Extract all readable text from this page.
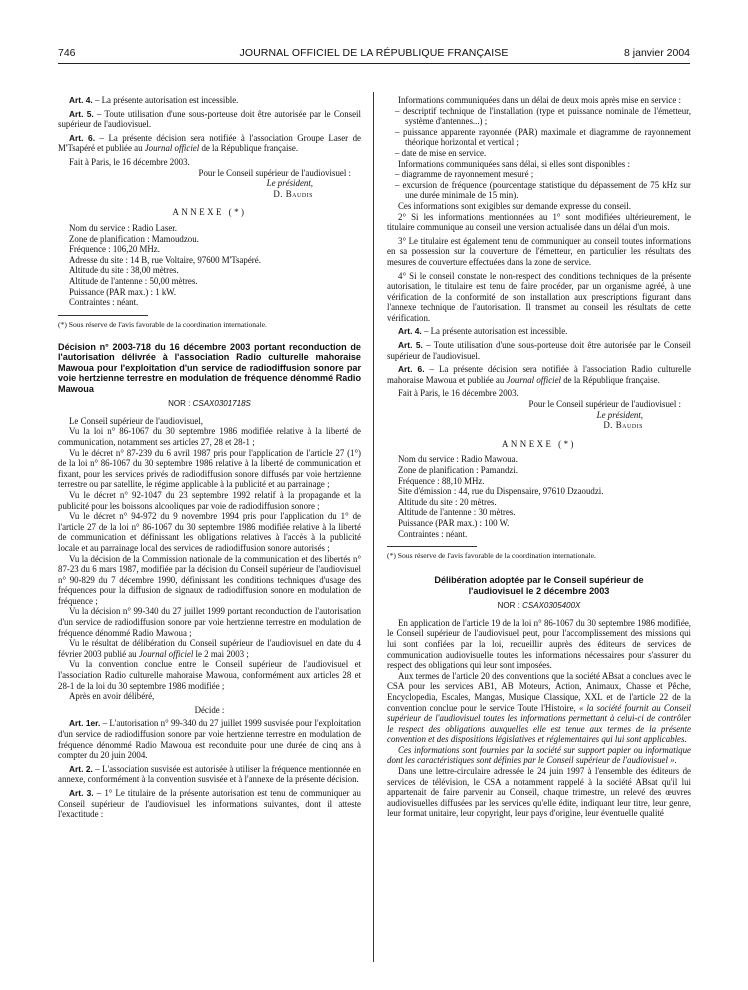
746	JOURNAL OFFICIEL DE LA RÉPUBLIQUE FRANÇAISE	8 janvier 2004

Art. 4. – La présente autorisation est incessible.

Art. 5. – Toute utilisation d'une sous-porteuse doit être autorisée par le Conseil supérieur de l'audiovisuel.

Art. 6. – La présente décision sera notifiée à l'association Groupe Laser de M'Tsapéré et publiée au Journal officiel de la République française.

Fait à Paris, le 16 décembre 2003.

Pour le Conseil supérieur de l'audiovisuel :

Le président,

D. Baudis

ANNEXE (*)

Nom du service : Radio Laser.

Zone de planification : Mamoudzou.

Fréquence : 106,20 MHz.

Adresse du site : 14 B, rue Voltaire, 97600 M'Tsapéré.

Altitude du site : 38,00 mètres.

Altitude de l'antenne : 50,00 mètres.

Puissance (PAR max.) : 1 kW.

Contraintes : néant.

(*) Sous réserve de l'avis favorable de la coordination internationale.

Décision n° 2003-718 du 16 décembre 2003 portant reconduction de l'autorisation délivrée à l'association Radio culturelle mahoraise Mawoua pour l'exploitation d'un service de radiodiffusion sonore par voie hertzienne terrestre en modulation de fréquence dénommé Radio Mawoua

NOR : CSAX0301718S

Le Conseil supérieur de l'audiovisuel,

Vu la loi n° 86-1067 du 30 septembre 1986 modifiée relative à la liberté de communication, notamment ses articles 27, 28 et 28-1 ;

Vu le décret n° 87-239 du 6 avril 1987 pris pour l'application de l'article 27 (1°) de la loi n° 86-1067 du 30 septembre 1986 relative à la liberté de communication et fixant, pour les services privés de radiodiffusion sonore diffusés par voie hertzienne terrestre ou par satellite, le régime applicable à la publicité et au parrainage ;

Vu le décret n° 92-1047 du 23 septembre 1992 relatif à la propagande et la publicité pour les boissons alcooliques par voie de radiodiffusion sonore ;

Vu le décret n° 94-972 du 9 novembre 1994 pris pour l'application du 1° de l'article 27 de la loi n° 86-1067 du 30 septembre 1986 modifiée relative à la liberté de communication et définissant les obligations relatives à l'accès à la publicité locale et au parrainage local des services de radiodiffusion sonore autorisés ;

Vu la décision de la Commission nationale de la communication et des libertés n° 87-23 du 6 mars 1987, modifiée par la décision du Conseil supérieur de l'audiovisuel n° 90-829 du 7 décembre 1990, définissant les conditions techniques d'usage des fréquences pour la diffusion de signaux de radiodiffusion sonore en modulation de fréquence ;

Vu la décision n° 99-340 du 27 juillet 1999 portant reconduction de l'autorisation d'un service de radiodiffusion sonore par voie hertzienne terrestre en modulation de fréquence dénommé Radio Mawoua ;

Vu le résultat de délibération du Conseil supérieur de l'audiovisuel en date du 4 février 2003 publié au Journal officiel le 2 mai 2003 ;

Vu la convention conclue entre le Conseil supérieur de l'audiovisuel et l'association Radio culturelle mahoraise Mawoua, conformément aux articles 28 et 28-1 de la loi du 30 septembre 1986 modifiée ;

Après en avoir délibéré,

Décide :

Art. 1er. – L'autorisation n° 99-340 du 27 juillet 1999 susvisée pour l'exploitation d'un service de radiodiffusion sonore par voie hertzienne terrestre en modulation de fréquence dénommé Radio Mawoua est reconduite pour une durée de cinq ans à compter du 20 juin 2004.

Art. 2. – L'association susvisée est autorisée à utiliser la fréquence mentionnée en annexe, conformément à la convention susvisée et à l'annexe de la présente décision.

Art. 3. – 1° Le titulaire de la présente autorisation est tenu de communiquer au Conseil supérieur de l'audiovisuel les informations suivantes, dont il atteste l'exactitude :

Informations communiquées dans un délai de deux mois après mise en service :

– descriptif technique de l'installation (type et puissance nominale de l'émetteur, système d'antennes...) ;

– puissance apparente rayonnée (PAR) maximale et diagramme de rayonnement théorique horizontal et vertical ;

– date de mise en service.

Informations communiquées sans délai, si elles sont disponibles :

– diagramme de rayonnement mesuré ;

– excursion de fréquence (pourcentage statistique du dépassement de 75 kHz sur une durée minimale de 15 min).

Ces informations sont exigibles sur demande expresse du conseil.

2° Si les informations mentionnées au 1° sont modifiées ultérieurement, le titulaire communique au conseil une version actualisée dans un délai d'un mois.

3° Le titulaire est également tenu de communiquer au conseil toutes informations en sa possession sur la couverture de l'émetteur, en particulier les résultats des mesures de couverture effectuées dans la zone de service.

4° Si le conseil constate le non-respect des conditions techniques de la présente autorisation, le titulaire est tenu de faire procéder, par un organisme agréé, à une vérification de la conformité de son installation aux prescriptions figurant dans l'annexe technique de l'autorisation. Il transmet au conseil les résultats de cette vérification.

Art. 4. – La présente autorisation est incessible.

Art. 5. – Toute utilisation d'une sous-porteuse doit être autorisée par le Conseil supérieur de l'audiovisuel.

Art. 6. – La présente décision sera notifiée à l'association Radio culturelle mahoraise Mawoua et publiée au Journal officiel de la République française.

Fait à Paris, le 16 décembre 2003.

Pour le Conseil supérieur de l'audiovisuel :

Le président,

D. Baudis

ANNEXE (*)

Nom du service : Radio Mawoua.

Zone de planification : Pamandzi.

Fréquence : 88,10 MHz.

Site d'émission : 44, rue du Dispensaire, 97610 Dzaoudzi.

Altitude du site : 20 mètres.

Altitude de l'antenne : 30 mètres.

Puissance (PAR max.) : 100 W.

Contraintes : néant.

(*) Sous réserve de l'avis favorable de la coordination internationale.

Délibération adoptée par le Conseil supérieur de l'audiovisuel le 2 décembre 2003

NOR : CSAX0305400X

En application de l'article 19 de la loi n° 86-1067 du 30 septembre 1986 modifiée, le Conseil supérieur de l'audiovisuel peut, pour l'accomplissement des missions qui lui sont confiées par la loi, recueillir auprès des éditeurs de services de communication audiovisuelle toutes les informations nécessaires pour s'assurer du respect des obligations qui leur sont imposées.

Aux termes de l'article 20 des conventions que la société ABsat a conclues avec le CSA pour les services AB1, AB Moteurs, Action, Animaux, Chasse et Pêche, Encyclopedia, Escales, Mangas, Musique Classique, XXL et de l'article 22 de la convention conclue pour le service Toute l'Histoire, « la société fournit au Conseil supérieur de l'audiovisuel toutes les informations permettant à celui-ci de contrôler le respect des obligations auxquelles elle est tenue aux termes de la présente convention et des dispositions législatives et réglementaires qui lui sont applicables.

Ces informations sont fournies par la société sur support papier ou informatique dont les caractéristiques sont définies par le Conseil supérieur de l'audiovisuel ».

Dans une lettre-circulaire adressée le 24 juin 1997 à l'ensemble des éditeurs de services de télévision, le CSA a notamment rappelé à la société ABsat qu'il lui appartenait de faire parvenir au Conseil, chaque trimestre, un relevé des œuvres audiovisuelles diffusées par les services qu'elle édite, indiquant leur titre, leur genre, leur format unitaire, leur copyright, leur pays d'origine, leur éventuelle qualité
